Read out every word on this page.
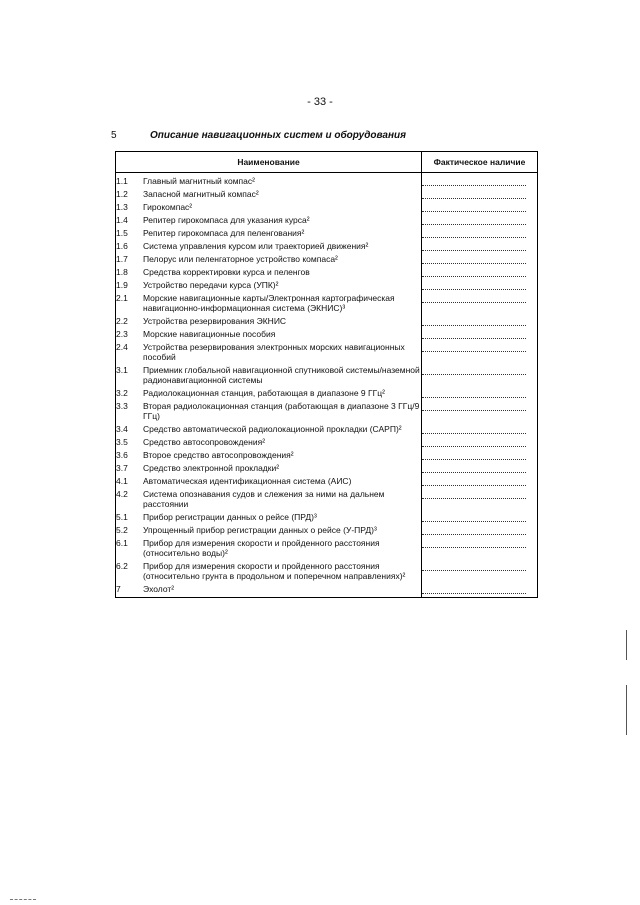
- 33 -
5	Описание навигационных систем и оборудования
Наименование		Фактическое наличие
1.1	Главный магнитный компас²	

1.2	Запасной магнитный компас²	

1.3	Гирокомпас²	

1.4	Репитер гирокомпаса для указания курса²	

1.5	Репитер гирокомпаса для пеленгования²	

1.6	Система управления курсом или траекторией движения²	

1.7	Пелорус или пеленгаторное устройство компаса²	

1.8	Средства корректировки курса и пеленгов	

1.9	Устройство передачи курса (УПК)²	

2.1	Морские навигационные карты/Электронная картографическая навигационно-информационная система (ЭКНИС)³	

2.2	Устройства резервирования ЭКНИС	

2.3	Морские навигационные пособия	

2.4	Устройства резервирования электронных морских навигационных пособий	

3.1	Приемник глобальной навигационной спутниковой системы/наземной радионавигационной системы	

3.2	Радиолокационная станция, работающая в диапазоне 9 ГГц²	

3.3	Вторая радиолокационная станция (работающая в диапазоне 3 ГГц/9 ГГц)	

3.4	Средство автоматической радиолокационной прокладки (САРП)²	

3.5	Средство автосопровождения²	

3.6	Второе средство автосопровождения²	

3.7	Средство электронной прокладки²	

4.1	Автоматическая идентификационная система (АИС)	

4.2	Система опознавания судов и слежения за ними на дальнем расстоянии	

5.1	Прибор регистрации данных о рейсе (ПРД)³	

5.2	Упрощенный прибор регистрации данных о рейсе (У-ПРД)³	

6.1	Прибор для измерения скорости и пройденного расстояния (относительно воды)²	

6.2	Прибор для измерения скорости и пройденного расстояния (относительно грунта в продольном и поперечном направлениях)²	

7	Эхолот²	
